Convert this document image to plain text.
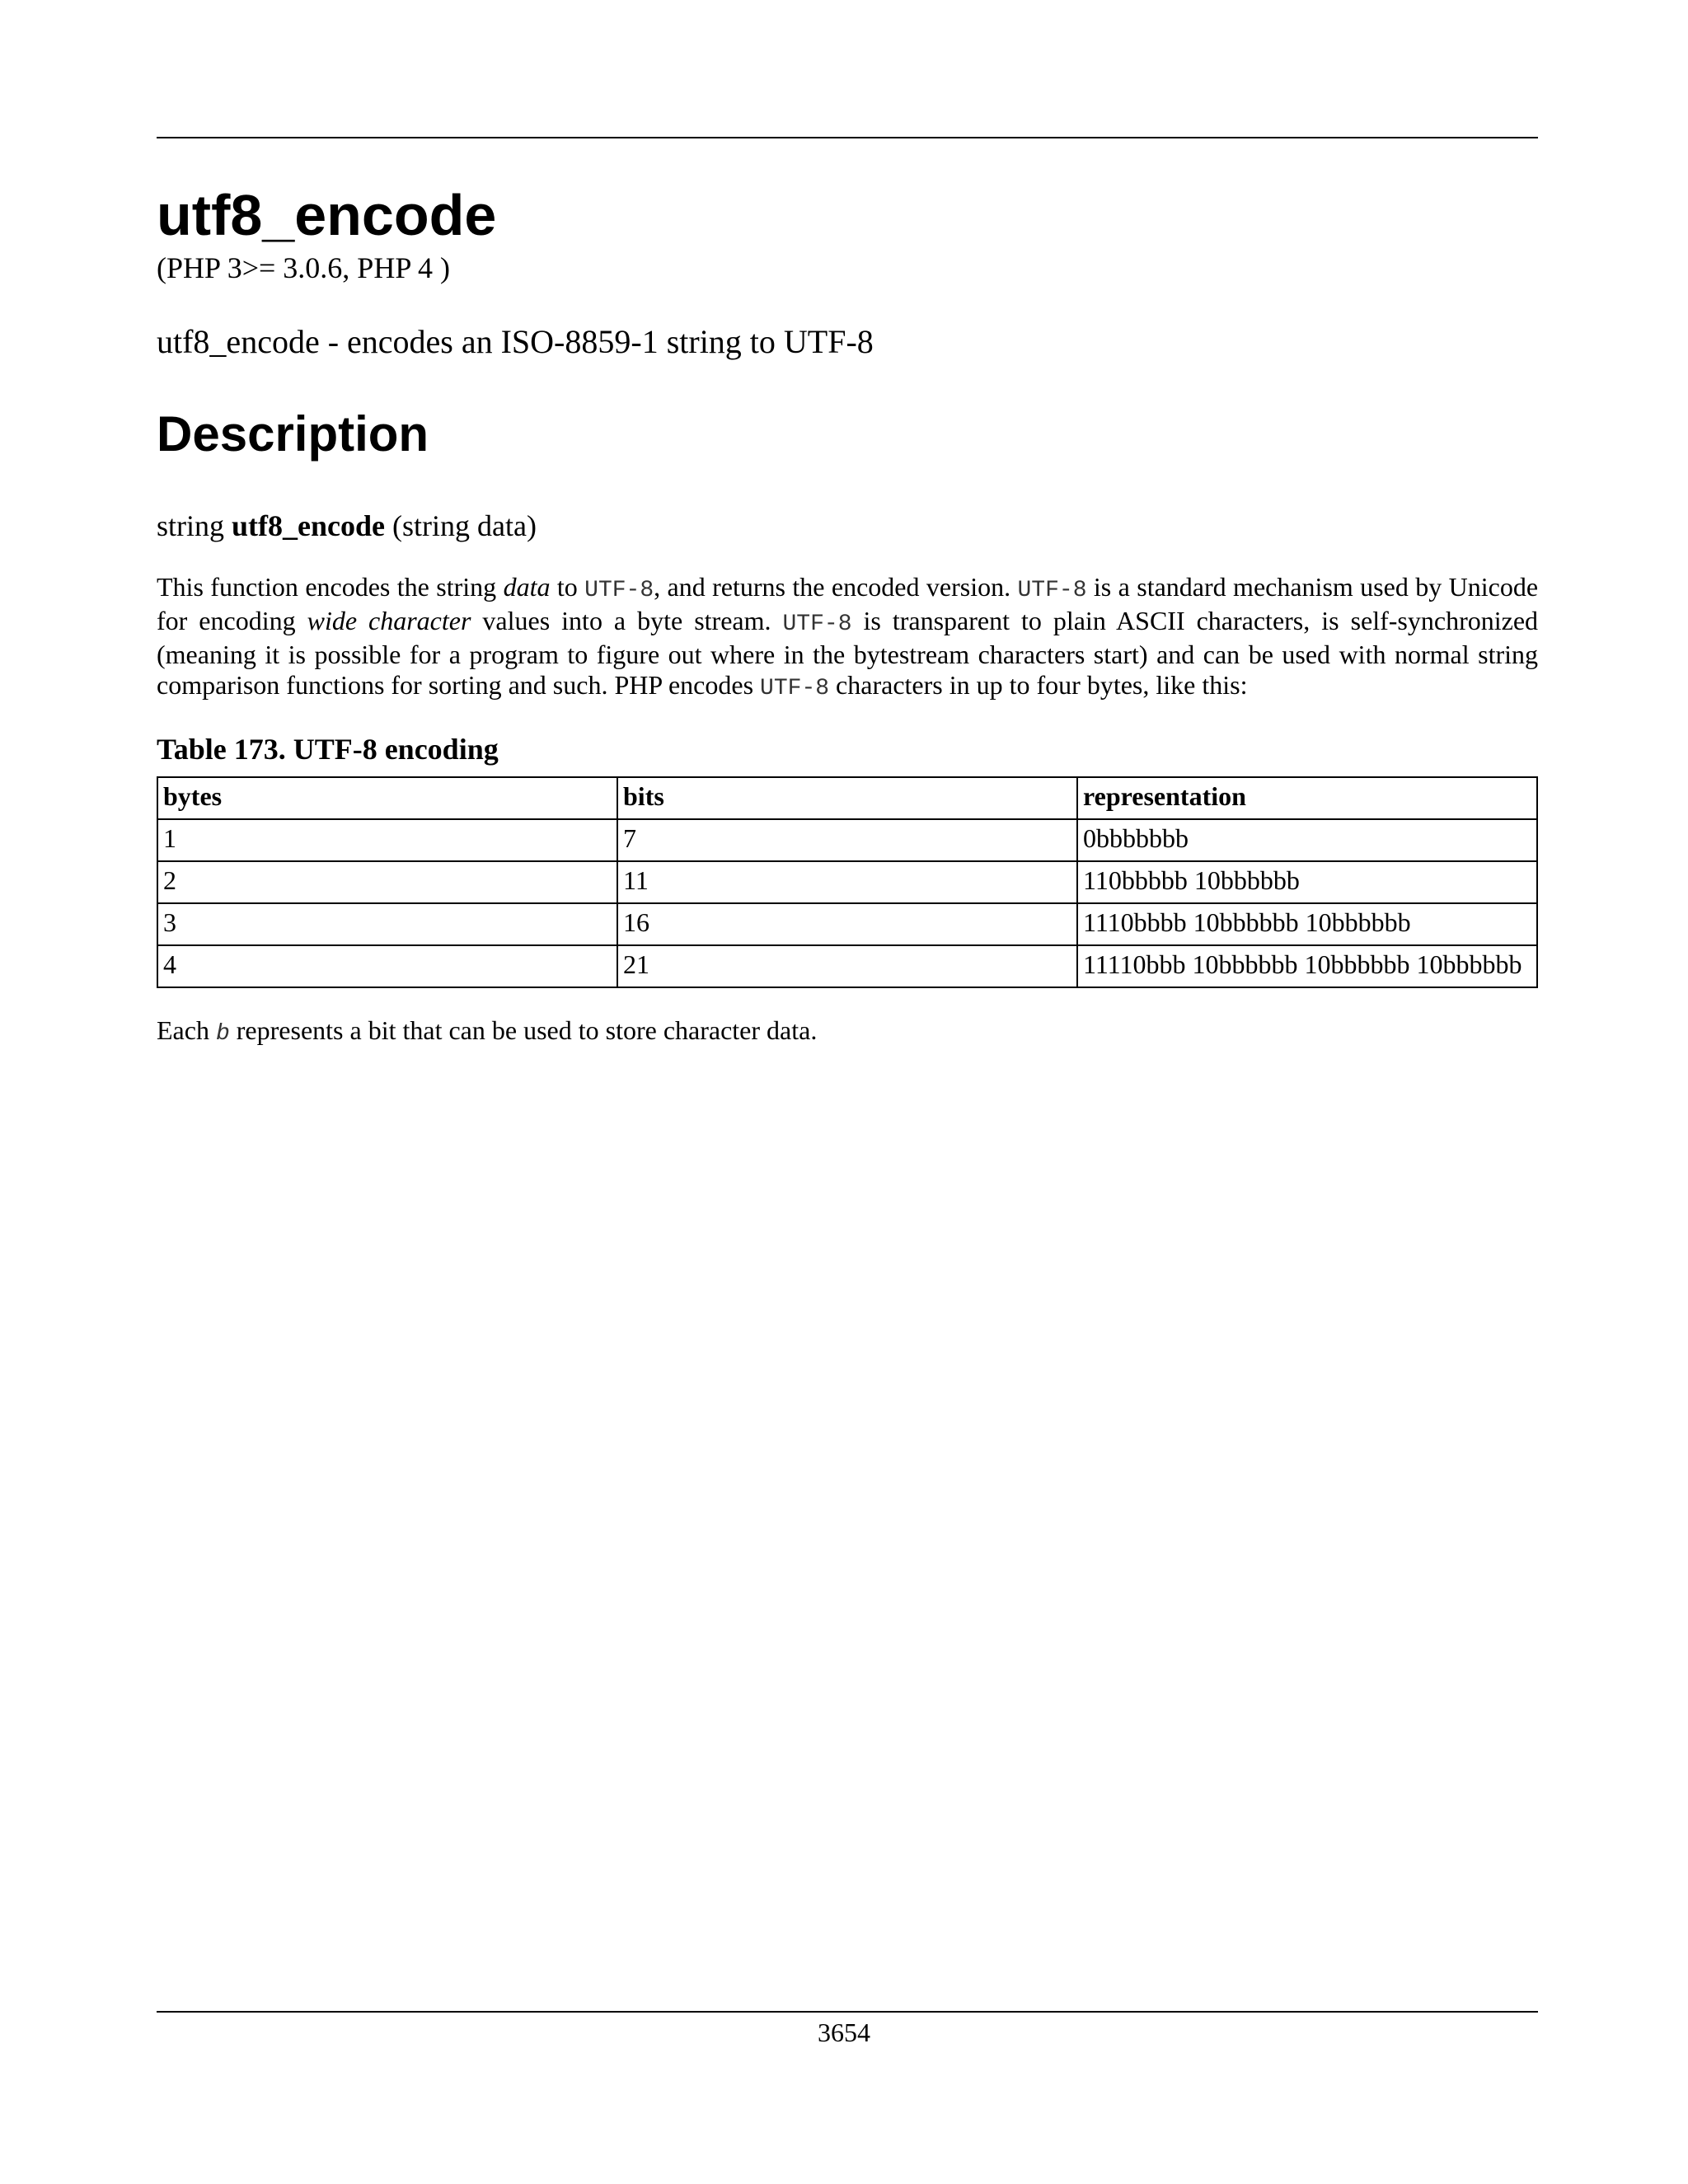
utf8_encode
(PHP 3>= 3.0.6, PHP 4 )
utf8_encode - encodes an ISO-8859-1 string to UTF-8
Description
string utf8_encode (string data)

This function encodes the string data to UTF-8, and returns the encoded version. UTF-8 is a standard mechanism used by Unicode for encoding wide character values into a byte stream. UTF-8 is transparent to plain ASCII characters, is self-synchronized (meaning it is possible for a program to figure out where in the bytestream characters start) and can be used with normal string comparison functions for sorting and such. PHP encodes UTF-8 characters in up to four bytes, like this:

Table 173. UTF-8 encoding
bytes	bits	representation
1	7	0bbbbbbb
2	11	110bbbbb 10bbbbbb
3	16	1110bbbb 10bbbbbb 10bbbbbb
4	21	11110bbb 10bbbbbb 10bbbbbb 10bbbbbb

Each b represents a bit that can be used to store character data.

3654
